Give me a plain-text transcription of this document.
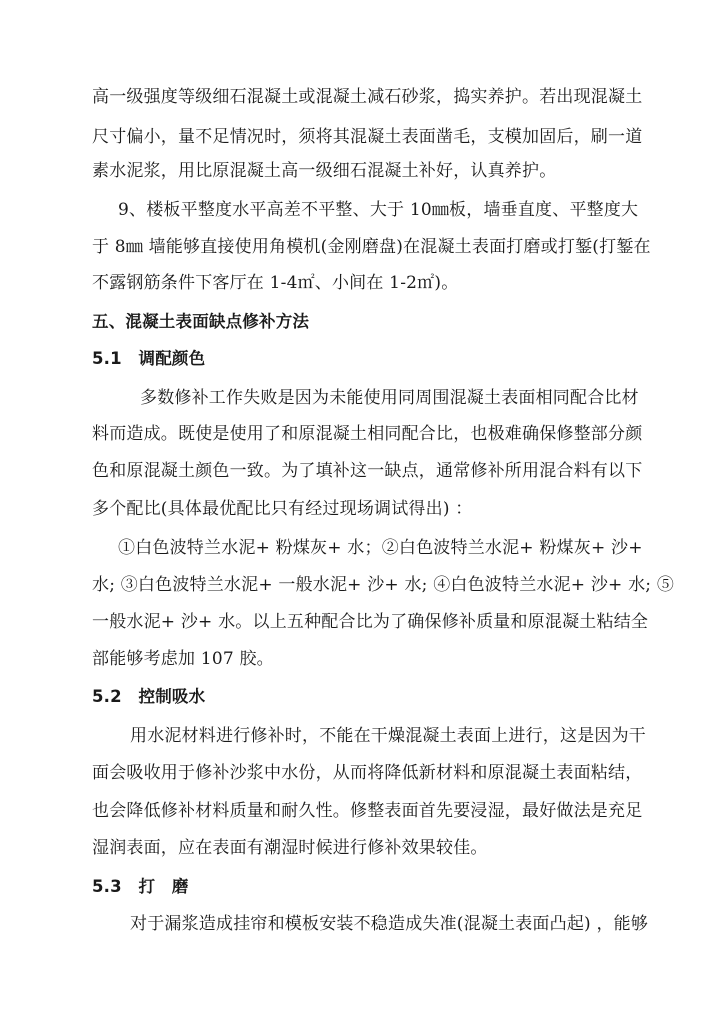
高一级强度等级细石混凝土或混凝土减石砂浆，捣实养护。若出现混凝土
尺寸偏小，量不足情况时，须将其混凝土表面凿毛，支模加固后，刷一道
素水泥浆，用比原混凝土高一级细石混凝土补好，认真养护。
9、楼板平整度水平高差不平整、大于 10㎜板，墙垂直度、平整度大
于 8㎜ 墙能够直接使用角模机(金刚磨盘)在混凝土表面打磨或打錾(打錾在
不露钢筋条件下客厅在 1-4㎡、小间在 1-2㎡)。
五、混凝土表面缺点修补方法
5.1　调配颜色
多数修补工作失败是因为未能使用同周围混凝土表面相同配合比材
料而造成。既使是使用了和原混凝土相同配合比，也极难确保修整部分颜
色和原混凝土颜色一致。为了填补这一缺点，通常修补所用混合料有以下
多个配比(具体最优配比只有经过现场调试得出) ：
①白色波特兰水泥+ 粉煤灰+ 水；②白色波特兰水泥+ 粉煤灰+ 沙+
水; ③白色波特兰水泥+ 一般水泥+ 沙+ 水; ④白色波特兰水泥+ 沙+ 水; ⑤
一般水泥+ 沙+ 水。以上五种配合比为了确保修补质量和原混凝土粘结全
部能够考虑加 107 胶。
5.2　控制吸水
用水泥材料进行修补时，不能在干燥混凝土表面上进行，这是因为干
面会吸收用于修补沙浆中水份，从而将降低新材料和原混凝土表面粘结，
也会降低修补材料质量和耐久性。修整表面首先要浸湿，最好做法是充足
湿润表面，应在表面有潮湿时候进行修补效果较佳。
5.3　打　磨
对于漏浆造成挂帘和模板安装不稳造成失准(混凝土表面凸起) ，能够
